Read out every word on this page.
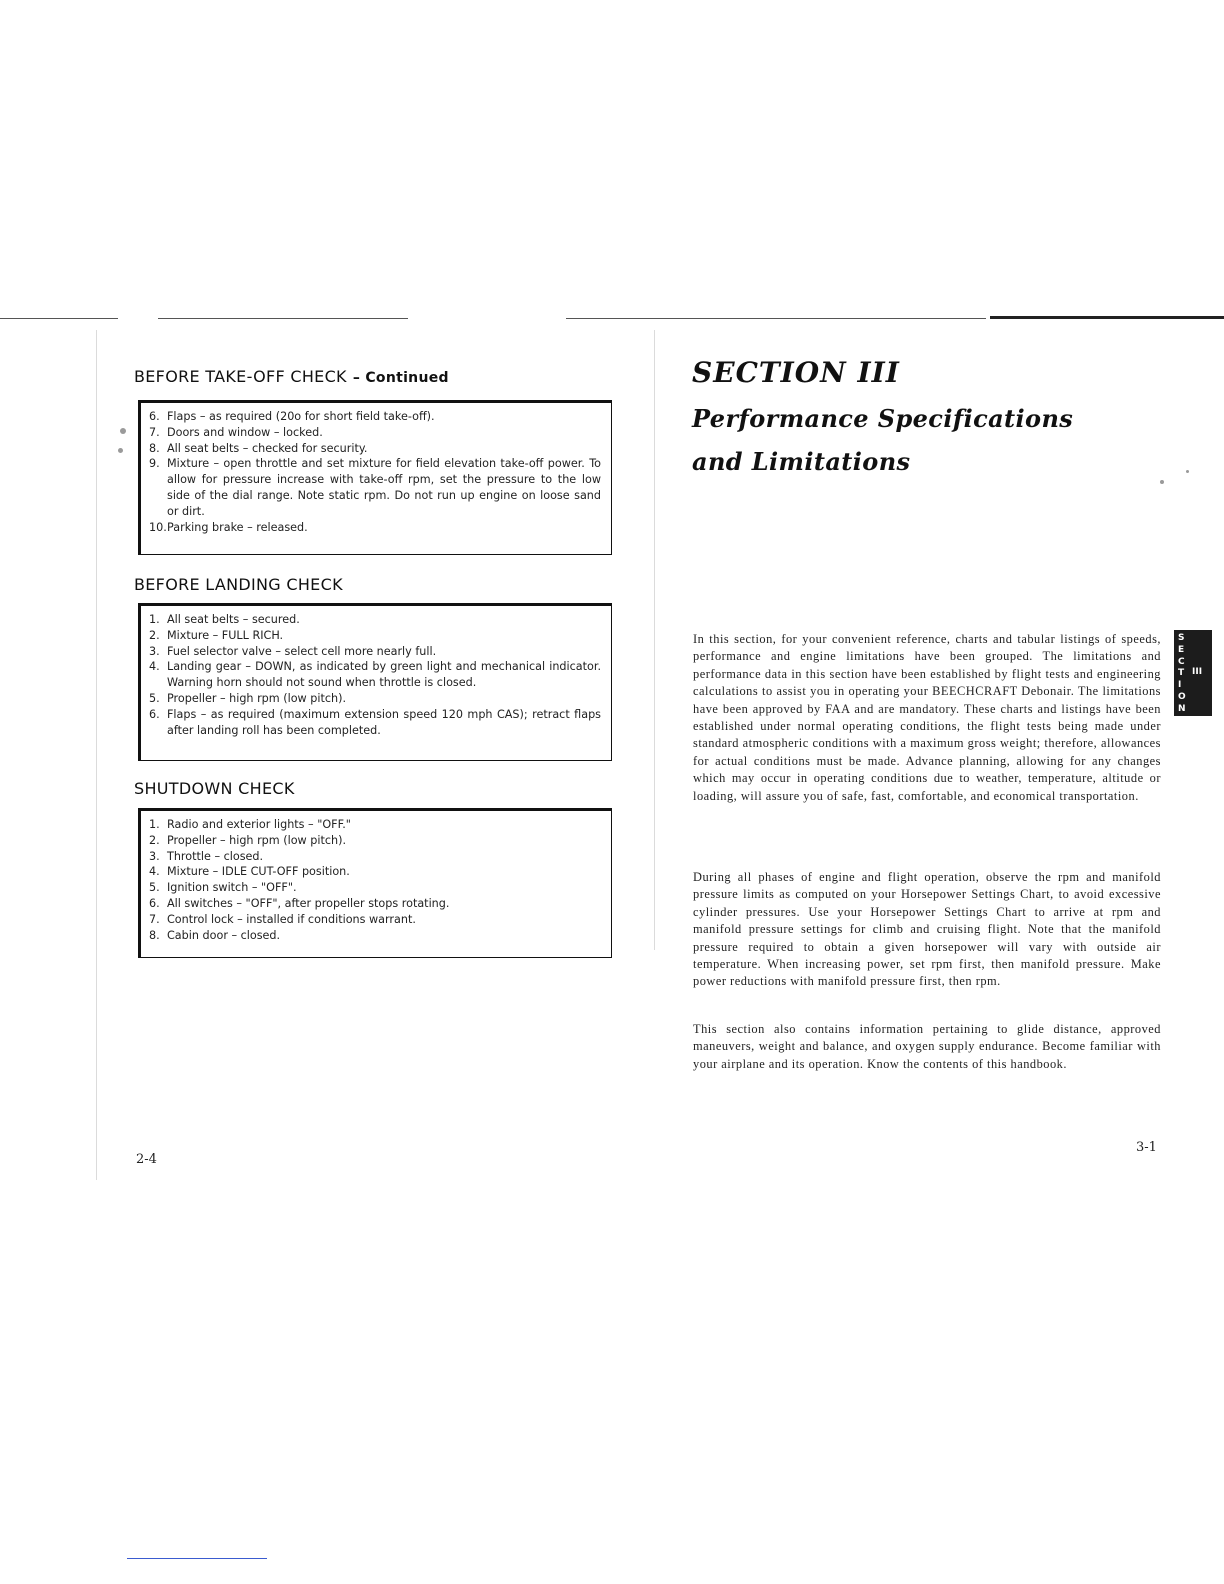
BEFORE TAKE-OFF CHECK – Continued
6. Flaps – as required (20o for short field take-off).
7. Doors and window – locked.
8. All seat belts – checked for security.
9. Mixture – open throttle and set mixture for field elevation take-off power. To allow for pressure increase with take-off rpm, set the pressure to the low side of the dial range. Note static rpm. Do not run up engine on loose sand or dirt.
10. Parking brake – released.
BEFORE LANDING CHECK
1. All seat belts – secured.
2. Mixture – FULL RICH.
3. Fuel selector valve – select cell more nearly full.
4. Landing gear – DOWN, as indicated by green light and mechanical indicator. Warning horn should not sound when throttle is closed.
5. Propeller – high rpm (low pitch).
6. Flaps – as required (maximum extension speed 120 mph CAS); retract flaps after landing roll has been completed.
SHUTDOWN CHECK
1. Radio and exterior lights – "OFF."
2. Propeller – high rpm (low pitch).
3. Throttle – closed.
4. Mixture – IDLE CUT-OFF position.
5. Ignition switch – "OFF".
6. All switches – "OFF", after propeller stops rotating.
7. Control lock – installed if conditions warrant.
8. Cabin door – closed.
2-4
SECTION III
Performance Specifications
and Limitations

In this section, for your convenient reference, charts and tabular listings of speeds, performance and engine limitations have been grouped. The limitations and performance data in this section have been established by flight tests and engineering calculations to assist you in operating your BEECHCRAFT Debonair. The limitations have been approved by FAA and are mandatory. These charts and listings have been established under normal operating conditions, the flight tests being made under standard atmospheric conditions with a maximum gross weight; therefore, allowances for actual conditions must be made. Advance planning, allowing for any changes which may occur in operating conditions due to weather, temperature, altitude or loading, will assure you of safe, fast, comfortable, and economical transportation.

During all phases of engine and flight operation, observe the rpm and manifold pressure limits as computed on your Horsepower Settings Chart, to avoid excessive cylinder pressures. Use your Horsepower Settings Chart to arrive at rpm and manifold pressure settings for climb and cruising flight. Note that the manifold pressure required to obtain a given horsepower will vary with outside air temperature. When increasing power, set rpm first, then manifold pressure. Make power reductions with manifold pressure first, then rpm.

This section also contains information pertaining to glide distance, approved maneuvers, weight and balance, and oxygen supply endurance. Become familiar with your airplane and its operation. Know the contents of this handbook.

3-1
S
E
C
T
I
O
N
III
